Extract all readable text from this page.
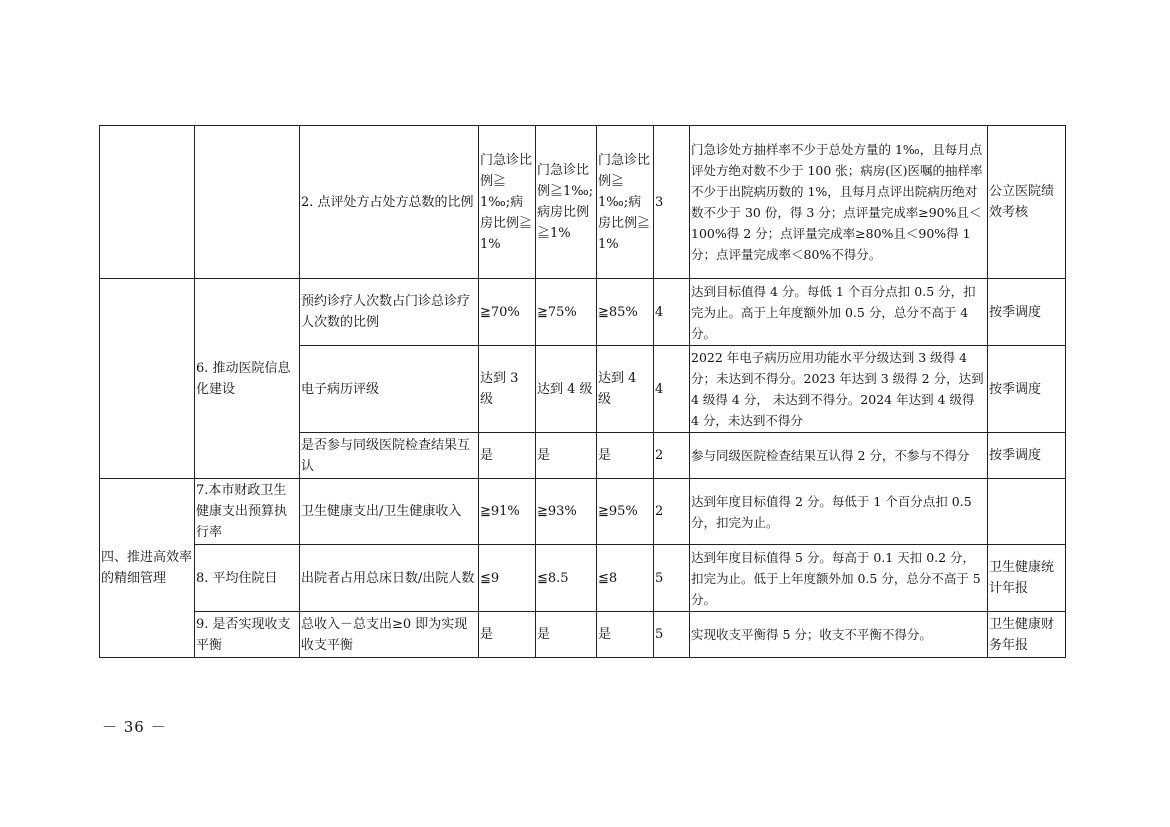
		2. 点评处方占处方总数的比例	门急诊比例≧1‰;病房比例≧1%	门急诊比例≧1‰;病房比例≧1%	门急诊比例≧1‰;病房比例≧1%	3	门急诊处方抽样率不少于总处方量的 1‰，且每月点评处方绝对数不少于 100 张；病房(区)医嘱的抽样率不少于出院病历数的 1%，且每月点评出院病历绝对数不少于 30 份，得 3 分；点评量完成率≥90%且＜100%得 2 分；点评量完成率≥80%且＜90%得 1 分；点评量完成率＜80%不得分。	公立医院绩效考核
	6. 推动医院信息化建设	预约诊疗人次数占门诊总诊疗人次数的比例	≧70%	≧75%	≧85%	4	达到目标值得 4 分。每低 1 个百分点扣 0.5 分，扣完为止。高于上年度额外加 0.5 分，总分不高于 4 分。	按季调度
		电子病历评级	达到 3 级	达到 4 级	达到 4 级	4	2022 年电子病历应用功能水平分级达到 3 级得 4 分；未达到不得分。2023 年达到 3 级得 2 分，达到 4 级得 4 分， 未达到不得分。2024 年达到 4 级得 4 分，未达到不得分	按季调度
		是否参与同级医院检查结果互认	是	是	是	2	参与同级医院检查结果互认得 2 分，不参与不得分	按季调度
四、推进高效率的精细管理	7.本市财政卫生健康支出预算执行率	卫生健康支出/卫生健康收入	≧91%	≧93%	≧95%	2	达到年度目标值得 2 分。每低于 1 个百分点扣 0.5 分，扣完为止。	
	8. 平均住院日	出院者占用总床日数/出院人数	≦9	≦8.5	≦8	5	达到年度目标值得 5 分。每高于 0.1 天扣 0.2 分，扣完为止。低于上年度额外加 0.5 分，总分不高于 5 分。	卫生健康统计年报
	9. 是否实现收支平衡	总收入－总支出≥0 即为实现收支平衡	是	是	是	5	实现收支平衡得 5 分；收支不平衡不得分。	卫生健康财务年报
－ 36 －
